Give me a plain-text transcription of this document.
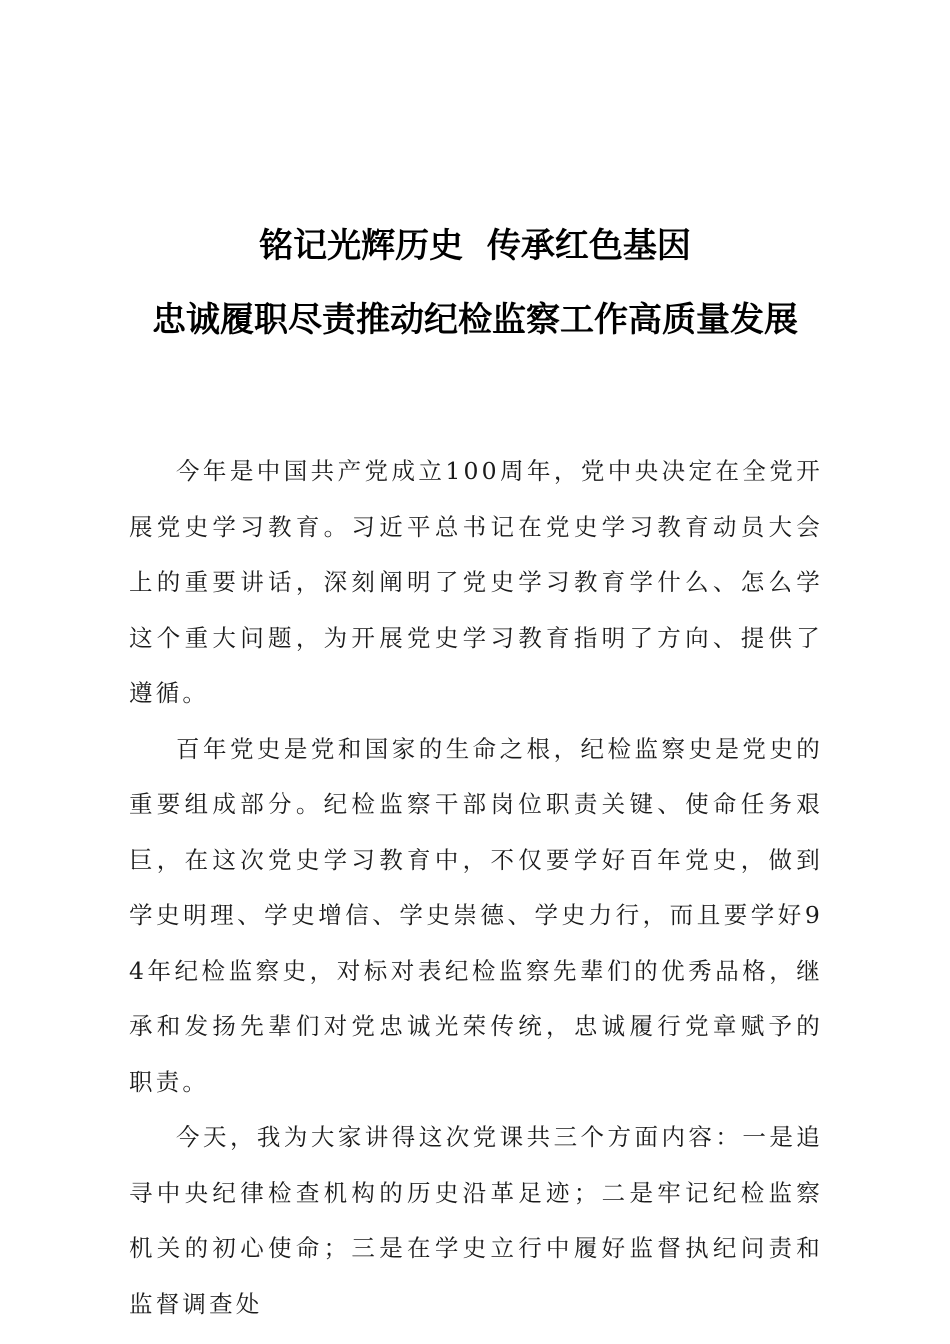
铭记光辉历史  传承红色基因
忠诚履职尽责推动纪检监察工作高质量发展

今年是中国共产党成立100周年，党中央决定在全党开展党史学习教育。习近平总书记在党史学习教育动员大会上的重要讲话，深刻阐明了党史学习教育学什么、怎么学这个重大问题，为开展党史学习教育指明了方向、提供了遵循。

百年党史是党和国家的生命之根，纪检监察史是党史的重要组成部分。纪检监察干部岗位职责关键、使命任务艰巨，在这次党史学习教育中，不仅要学好百年党史，做到学史明理、学史增信、学史崇德、学史力行，而且要学好94年纪检监察史，对标对表纪检监察先辈们的优秀品格，继承和发扬先辈们对党忠诚光荣传统，忠诚履行党章赋予的职责。

今天，我为大家讲得这次党课共三个方面内容：一是追寻中央纪律检查机构的历史沿革足迹；二是牢记纪检监察机关的初心使命；三是在学史立行中履好监督执纪问责和监督调查处
